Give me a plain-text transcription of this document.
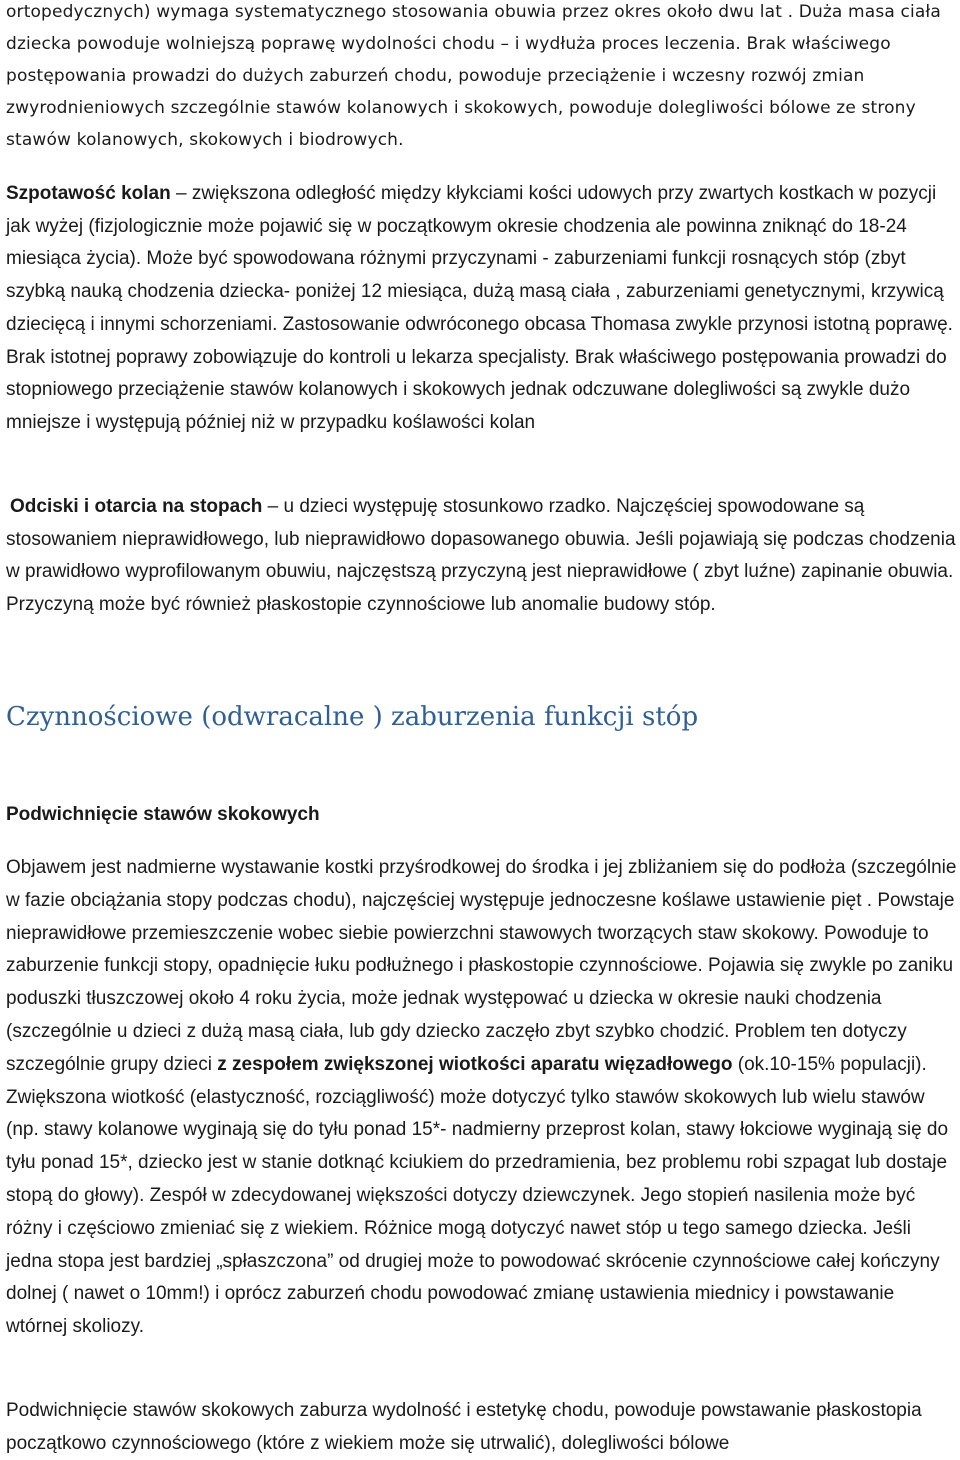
ortopedycznych) wymaga systematycznego stosowania obuwia przez okres około dwu lat . Duża masa ciała dziecka powoduje wolniejszą poprawę wydolności chodu – i wydłuża proces leczenia. Brak właściwego postępowania prowadzi do dużych zaburzeń chodu, powoduje przeciążenie i wczesny rozwój zmian zwyrodnieniowych szczególnie stawów kolanowych i skokowych, powoduje dolegliwości bólowe ze strony stawów kolanowych, skokowych i biodrowych.

Szpotawość kolan – zwiększona odległość między kłykciami kości udowych przy zwartych kostkach w pozycji jak wyżej (fizjologicznie może pojawić się w początkowym okresie chodzenia ale powinna zniknąć do 18-24 miesiąca życia). Może być spowodowana różnymi przyczynami - zaburzeniami funkcji rosnących stóp (zbyt szybką nauką chodzenia dziecka- poniżej 12 miesiąca, dużą masą ciała , zaburzeniami genetycznymi, krzywicą dziecięcą i innymi schorzeniami. Zastosowanie odwróconego obcasa Thomasa zwykle przynosi istotną poprawę. Brak istotnej poprawy zobowiązuje do kontroli u lekarza specjalisty. Brak właściwego postępowania prowadzi do stopniowego przeciążenie stawów kolanowych i skokowych jednak odczuwane dolegliwości są zwykle dużo mniejsze i występują później niż w przypadku koślawości kolan

Odciski i otarcia na stopach – u dzieci występuję stosunkowo rzadko. Najczęściej spowodowane są stosowaniem nieprawidłowego, lub nieprawidłowo dopasowanego obuwia. Jeśli pojawiają się podczas chodzenia w prawidłowo wyprofilowanym obuwiu, najczęstszą przyczyną jest nieprawidłowe ( zbyt luźne) zapinanie obuwia. Przyczyną może być również płaskostopie czynnościowe lub anomalie budowy stóp.

Czynnościowe (odwracalne ) zaburzenia funkcji stóp
Podwichnięcie stawów skokowych

Objawem jest nadmierne wystawanie kostki przyśrodkowej do środka i jej zbliżaniem się do podłoża (szczególnie w fazie obciążania stopy podczas chodu), najczęściej występuje jednoczesne koślawe ustawienie pięt . Powstaje nieprawidłowe przemieszczenie wobec siebie powierzchni stawowych tworzących staw skokowy. Powoduje to zaburzenie funkcji stopy, opadnięcie łuku podłużnego i płaskostopie czynnościowe. Pojawia się zwykle po zaniku poduszki tłuszczowej około 4 roku życia, może jednak występować u dziecka w okresie nauki chodzenia (szczególnie u dzieci z dużą masą ciała, lub gdy dziecko zaczęło zbyt szybko chodzić. Problem ten dotyczy szczególnie grupy dzieci z zespołem zwiększonej wiotkości aparatu więzadłowego (ok.10-15% populacji). Zwiększona wiotkość (elastyczność, rozciągliwość) może dotyczyć tylko stawów skokowych lub wielu stawów (np. stawy kolanowe wyginają się do tyłu ponad 15*- nadmierny przeprost kolan, stawy łokciowe wyginają się do tyłu ponad 15*, dziecko jest w stanie dotknąć kciukiem do przedramienia, bez problemu robi szpagat lub dostaje stopą do głowy). Zespół w zdecydowanej większości dotyczy dziewczynek. Jego stopień nasilenia może być różny i częściowo zmieniać się z wiekiem. Różnice mogą dotyczyć nawet stóp u tego samego dziecka. Jeśli jedna stopa jest bardziej „spłaszczona” od drugiej może to powodować skrócenie czynnościowe całej kończyny dolnej ( nawet o 10mm!) i oprócz zaburzeń chodu powodować zmianę ustawienia miednicy i powstawanie wtórnej skoliozy.

Podwichnięcie stawów skokowych zaburza wydolność i estetykę chodu, powoduje powstawanie płaskostopia początkowo czynnościowego (które z wiekiem może się utrwalić), dolegliwości bólowe
